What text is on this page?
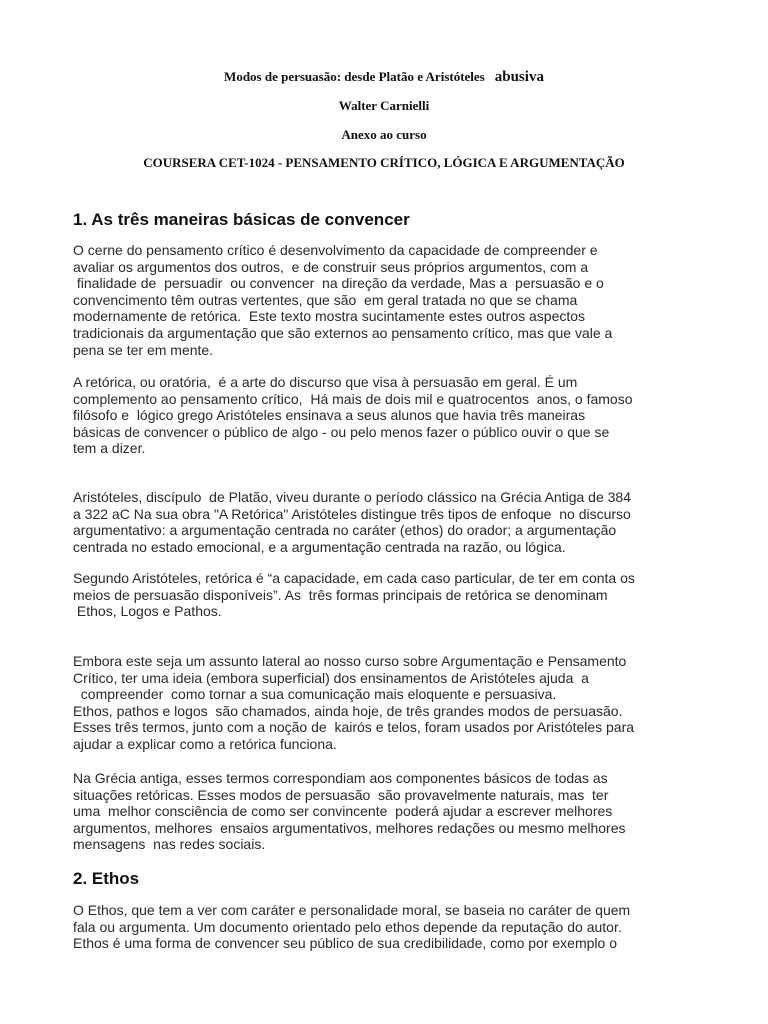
Modos de persuasão: desde Platão e Aristóteles abusiva
Walter Carnielli
Anexo ao curso
COURSERA CET-1024 - PENSAMENTO CRÍTICO, LÓGICA E ARGUMENTAÇÃO
1. As três maneiras básicas de convencer
O cerne do pensamento crítico é desenvolvimento da capacidade de compreender e
avaliar os argumentos dos outros,  e de construir seus próprios argumentos, com a
finalidade de  persuadir  ou convencer  na direção da verdade, Mas a  persuasão e o
convencimento têm outras vertentes, que são  em geral tratada no que se chama
modernamente de retórica.  Este texto mostra sucintamente estes outros aspectos
tradicionais da argumentação que são externos ao pensamento crítico, mas que vale a
pena se ter em mente.
A retórica, ou oratória,  é a arte do discurso que visa à persuasão em geral. É um
complemento ao pensamento crítico,  Há mais de dois mil e quatrocentos  anos, o famoso
filósofo e  lógico grego Aristóteles ensinava a seus alunos que havia três maneiras
básicas de convencer o público de algo - ou pelo menos fazer o público ouvir o que se
tem a dizer.
Aristóteles, discípulo  de Platão, viveu durante o período clássico na Grécia Antiga de 384
a 322 aC Na sua obra "A Retórica" Aristóteles distingue três tipos de enfoque  no discurso
argumentativo: a argumentação centrada no caráter (ethos) do orador; a argumentação
centrada no estado emocional, e a argumentação centrada na razão, ou lógica.
Segundo Aristóteles, retórica é “a capacidade, em cada caso particular, de ter em conta os
meios de persuasão disponíveis”. As  três formas principais de retórica se denominam
Ethos, Logos e Pathos.
Embora este seja um assunto lateral ao nosso curso sobre Argumentação e Pensamento
Crítico, ter uma ideia (embora superficial) dos ensinamentos de Aristóteles ajuda  a
compreender  como tornar a sua comunicação mais eloquente e persuasiva.
Ethos, pathos e logos  são chamados, ainda hoje, de três grandes modos de persuasão.
Esses três termos, junto com a noção de  kairós e telos, foram usados por Aristóteles para
ajudar a explicar como a retórica funciona.
Na Grécia antiga, esses termos correspondiam aos componentes básicos de todas as
situações retóricas. Esses modos de persuasão  são provavelmente naturais, mas  ter
uma  melhor consciência de como ser convincente  poderá ajudar a escrever melhores
argumentos, melhores  ensaios argumentativos, melhores redações ou mesmo melhores
mensagens  nas redes sociais.
2. Ethos
O Ethos, que tem a ver com caráter e personalidade moral, se baseia no caráter de quem
fala ou argumenta. Um documento orientado pelo ethos depende da reputação do autor.
Ethos é uma forma de convencer seu público de sua credibilidade, como por exemplo o
